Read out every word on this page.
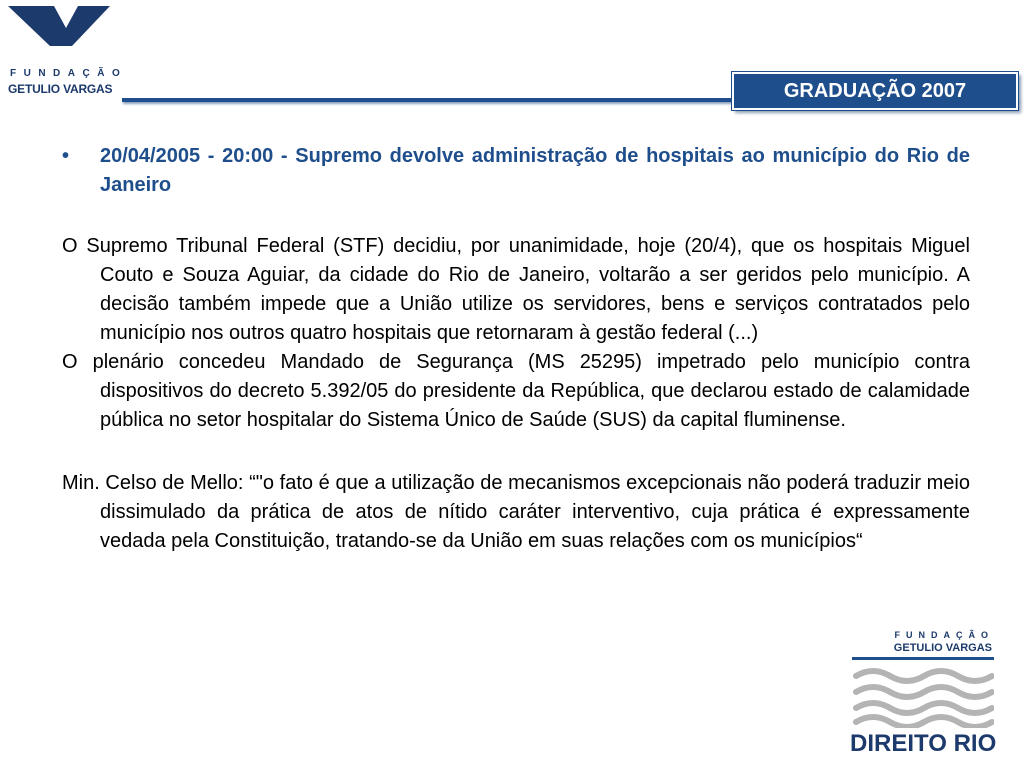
FUNDAÇÃO
GETULIO VARGAS	GRADUAÇÃO 2007

• 20/04/2005 - 20:00 - Supremo devolve administração de hospitais ao município do Rio de Janeiro

O Supremo Tribunal Federal (STF) decidiu, por unanimidade, hoje (20/4), que os hospitais Miguel Couto e Souza Aguiar, da cidade do Rio de Janeiro, voltarão a ser geridos pelo município. A decisão também impede que a União utilize os servidores, bens e serviços contratados pelo município nos outros quatro hospitais que retornaram à gestão federal (...)

O plenário concedeu Mandado de Segurança (MS 25295) impetrado pelo município contra dispositivos do decreto 5.392/05 do presidente da República, que declarou estado de calamidade pública no setor hospitalar do Sistema Único de Saúde (SUS) da capital fluminense.

Min. Celso de Mello: “"o fato é que a utilização de mecanismos excepcionais não poderá traduzir meio dissimulado da prática de atos de nítido caráter interventivo, cuja prática é expressamente vedada pela Constituição, tratando-se da União em suas relações com os municípios“

FUNDAÇÃO
GETULIO VARGAS
DIREITO RIO
